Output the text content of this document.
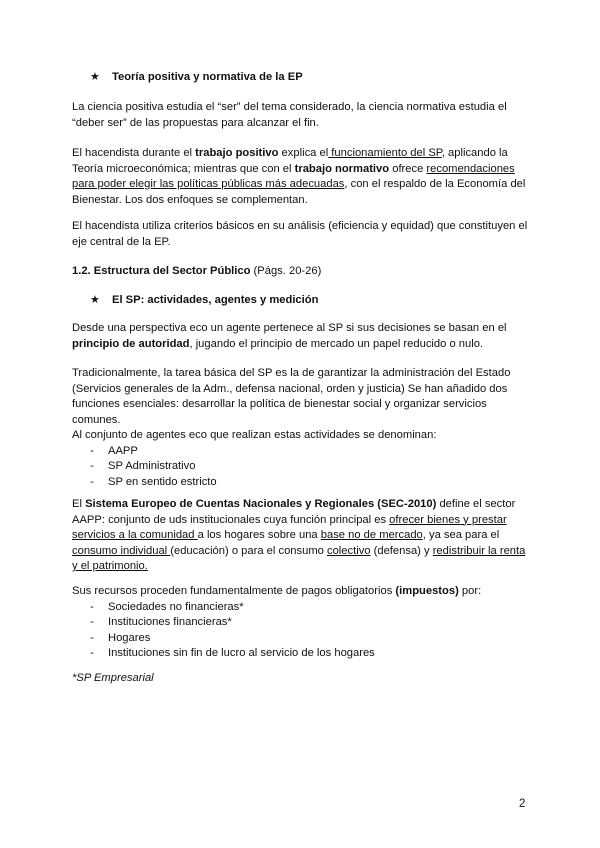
★ Teoría positiva y normativa de la EP

La ciencia positiva estudia el “ser” del tema considerado, la ciencia normativa estudia el “deber ser” de las propuestas para alcanzar el fin.

El hacendista durante el trabajo positivo explica el funcionamiento del SP, aplicando la Teoría microeconómica; mientras que con el trabajo normativo ofrece recomendaciones para poder elegir las políticas públicas más adecuadas, con el respaldo de la Economía del Bienestar. Los dos enfoques se complementan.

El hacendista utiliza criterios básicos en su análisis (eficiencia y equidad) que constituyen el eje central de la EP.

1.2. Estructura del Sector Público (Págs. 20-26)

★ El SP: actividades, agentes y medición

Desde una perspectiva eco un agente pertenece al SP si sus decisiones se basan en el principio de autoridad, jugando el principio de mercado un papel reducido o nulo.

Tradicionalmente, la tarea básica del SP es la de garantizar la administración del Estado (Servicios generales de la Adm., defensa nacional, orden y justicia) Se han añadido dos funciones esenciales: desarrollar la política de bienestar social y organizar servicios comunes.

Al conjunto de agentes eco que realizan estas actividades se denominan:

- AAPP
- SP Administrativo
- SP en sentido estricto

El Sistema Europeo de Cuentas Nacionales y Regionales (SEC-2010) define el sector AAPP: conjunto de uds institucionales cuya función principal es ofrecer bienes y prestar servicios a la comunidad a los hogares sobre una base no de mercado, ya sea para el consumo individual (educación) o para el consumo colectivo (defensa) y redistribuir la renta y el patrimonio.

Sus recursos proceden fundamentalmente de pagos obligatorios (impuestos) por:

- Sociedades no financieras*
- Instituciones financieras*
- Hogares
- Instituciones sin fin de lucro al servicio de los hogares

*SP Empresarial

2
